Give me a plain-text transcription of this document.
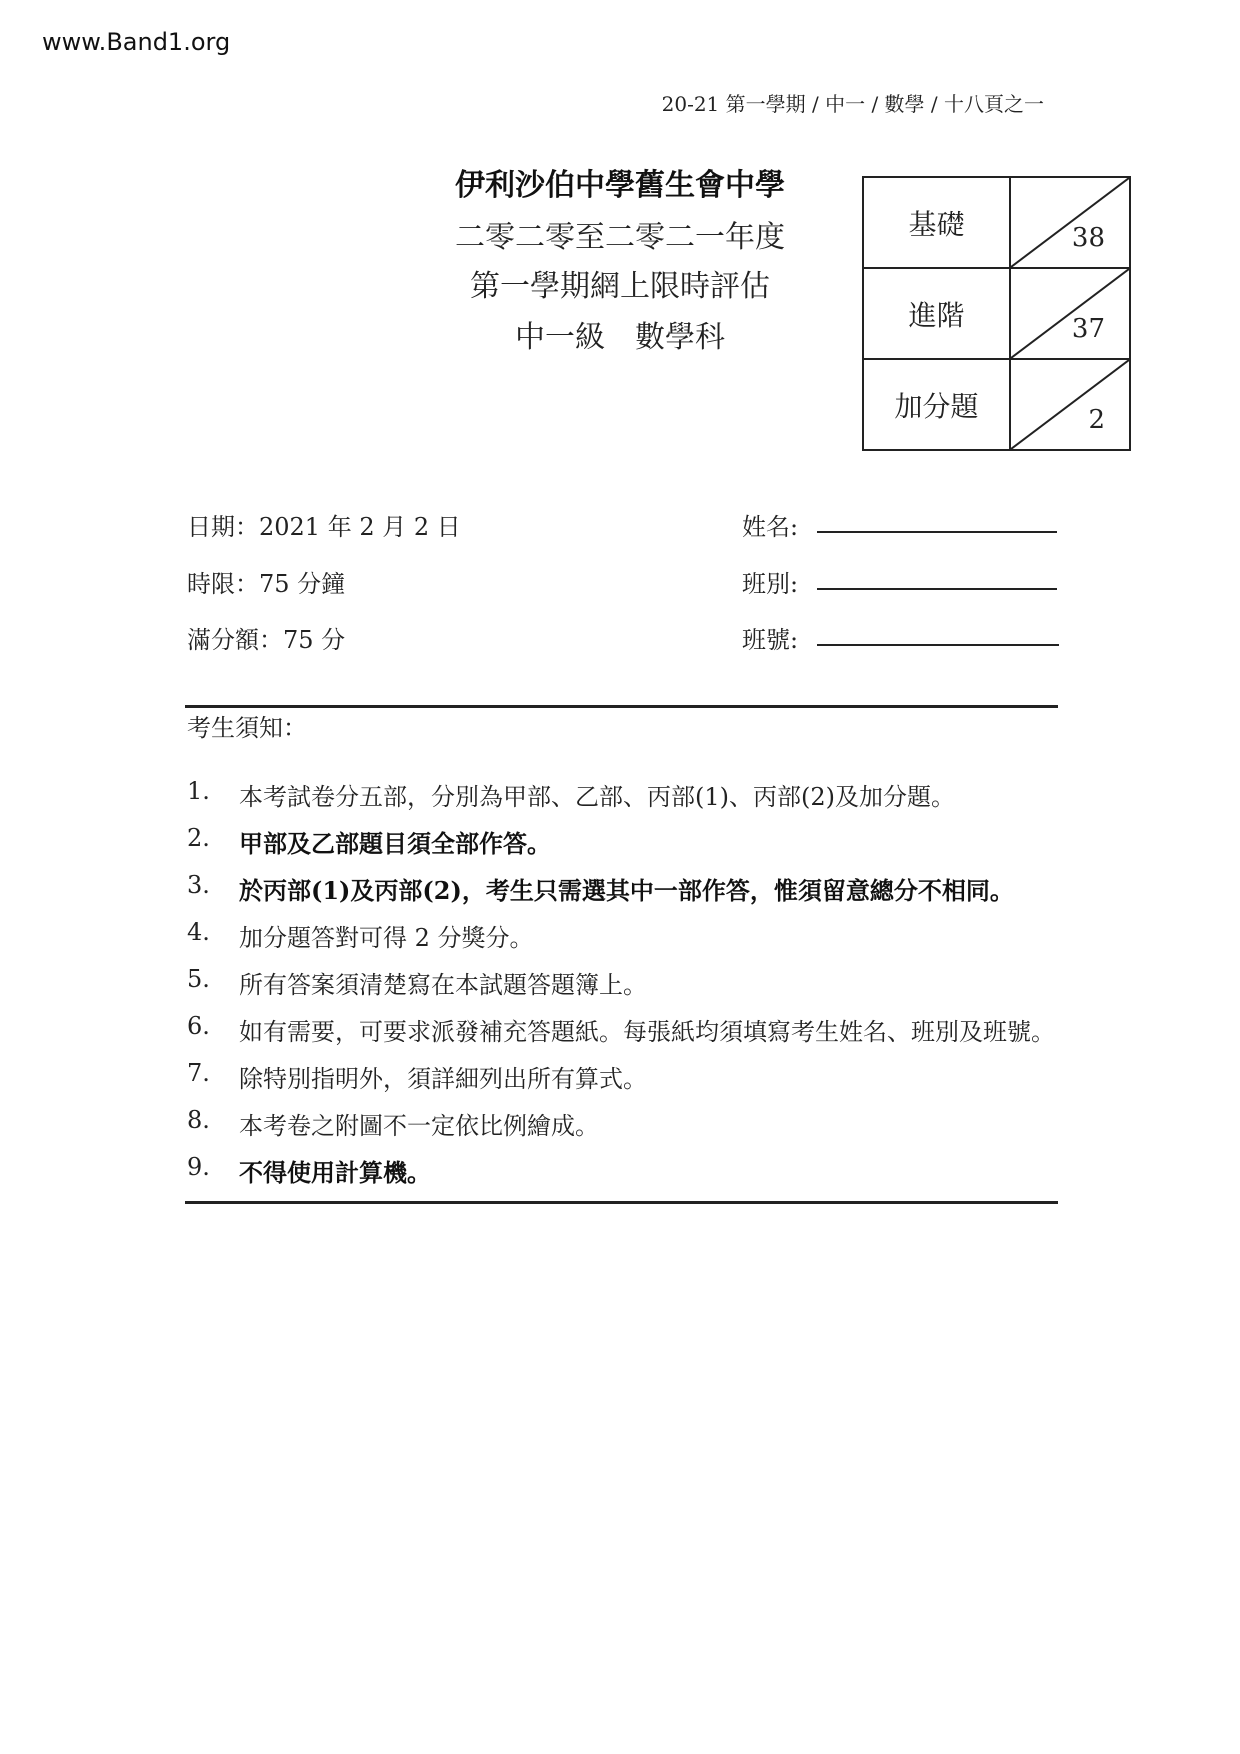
www.Band1.org
20-21 第一學期 / 中一 / 數學 / 十八頁之一
伊利沙伯中學舊生會中學
二零二零至二零二一年度
第一學期網上限時評估
中一級　數學科
基礎	38

進階	37

加分題	2
日期：2021 年 2 月 2 日
時限：75 分鐘
滿分額：75 分
姓名:
班別:
班號:
考生須知：
1.	本考試卷分五部，分別為甲部、乙部、丙部(1)、丙部(2)及加分題。
2.	甲部及乙部題目須全部作答。
3.	於丙部(1)及丙部(2)，考生只需選其中一部作答，惟須留意總分不相同。
4.	加分題答對可得 2 分獎分。
5.	所有答案須清楚寫在本試題答題簿上。
6.	如有需要，可要求派發補充答題紙。每張紙均須填寫考生姓名、班別及班號。
7.	除特別指明外，須詳細列出所有算式。
8.	本考卷之附圖不一定依比例繪成。
9.	不得使用計算機。
